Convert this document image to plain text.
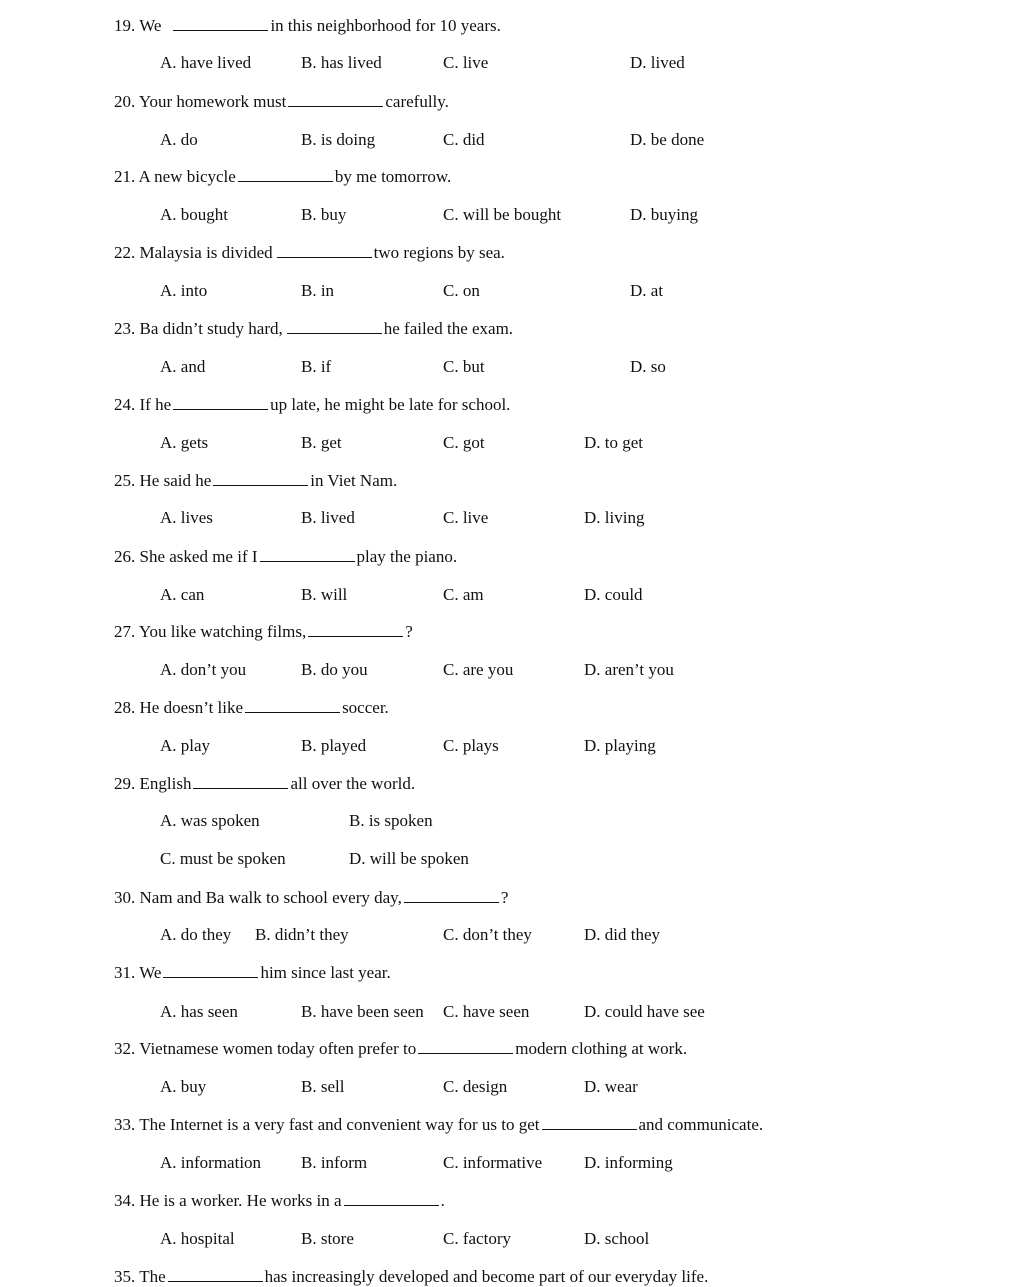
19. We	in this neighborhood for 10 years.
A. have lived	B. has lived	C. live	D. lived
20. Your homework must	carefully.
A. do	B. is doing	C. did	D. be done
21. A new bicycle	by me tomorrow.
A. bought	B. buy	C. will be bought	D. buying
22. Malaysia is divided	two regions by sea.
A. into	B. in	C. on	D. at
23. Ba didn’t study hard,	he failed the exam.
A. and	B. if	C. but	D. so
24. If he	up late, he might be late for school.
A. gets	B. get	C. got	D. to get
25. He said he	in Viet Nam.
A. lives	B. lived	C. live	D. living
26. She asked me if I	play the piano.
A. can	B. will	C. am	D. could
27. You like watching films,	?
A. don’t you	B. do you	C. are you	D. aren’t you
28. He doesn’t like	soccer.
A. play	B. played	C. plays	D. playing
29. English	all over the world.
A. was spoken	B. is spoken
C. must be spoken	D. will be spoken
30. Nam and Ba walk to school every day,	?
A. do they B. didn’t they	C. don’t they	D. did they
31. We	him since last year.
A. has seen	B. have been seen C. have seen	D. could have see
32. Vietnamese women today often prefer to	modern clothing at work.
A. buy	B. sell	C. design	D. wear
33. The Internet is a very fast and convenient way for us to get	and communicate.
A. information B. inform	C. informative D. informing
34. He is a worker. He works in a	.
A. hospital	B. store	C. factory	D. school
35. The	has increasingly developed and become part of our everyday life.
